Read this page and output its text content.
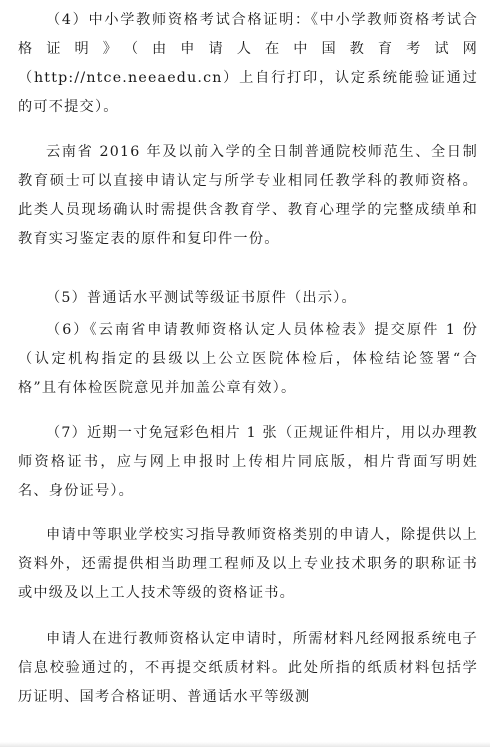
（4）中小学教师资格考试合格证明：《中小学教师资格考试合格证明》（由申请人在中国教育考试网（http://ntce.neeaedu.cn）上自行打印，认定系统能验证通过的可不提交）。

云南省 2016 年及以前入学的全日制普通院校师范生、全日制教育硕士可以直接申请认定与所学专业相同任教学科的教师资格。此类人员现场确认时需提供含教育学、教育心理学的完整成绩单和教育实习鉴定表的原件和复印件一份。

（5）普通话水平测试等级证书原件（出示）。

（6）《云南省申请教师资格认定人员体检表》提交原件 1 份（认定机构指定的县级以上公立医院体检后，体检结论签署“合格”且有体检医院意见并加盖公章有效）。

（7）近期一寸免冠彩色相片 1 张（正规证件相片，用以办理教师资格证书，应与网上申报时上传相片同底版，相片背面写明姓名、身份证号）。

申请中等职业学校实习指导教师资格类别的申请人，除提供以上资料外，还需提供相当助理工程师及以上专业技术职务的职称证书或中级及以上工人技术等级的资格证书。

申请人在进行教师资格认定申请时，所需材料凡经网报系统电子信息校验通过的，不再提交纸质材料。此处所指的纸质材料包括学历证明、国考合格证明、普通话水平等级测
